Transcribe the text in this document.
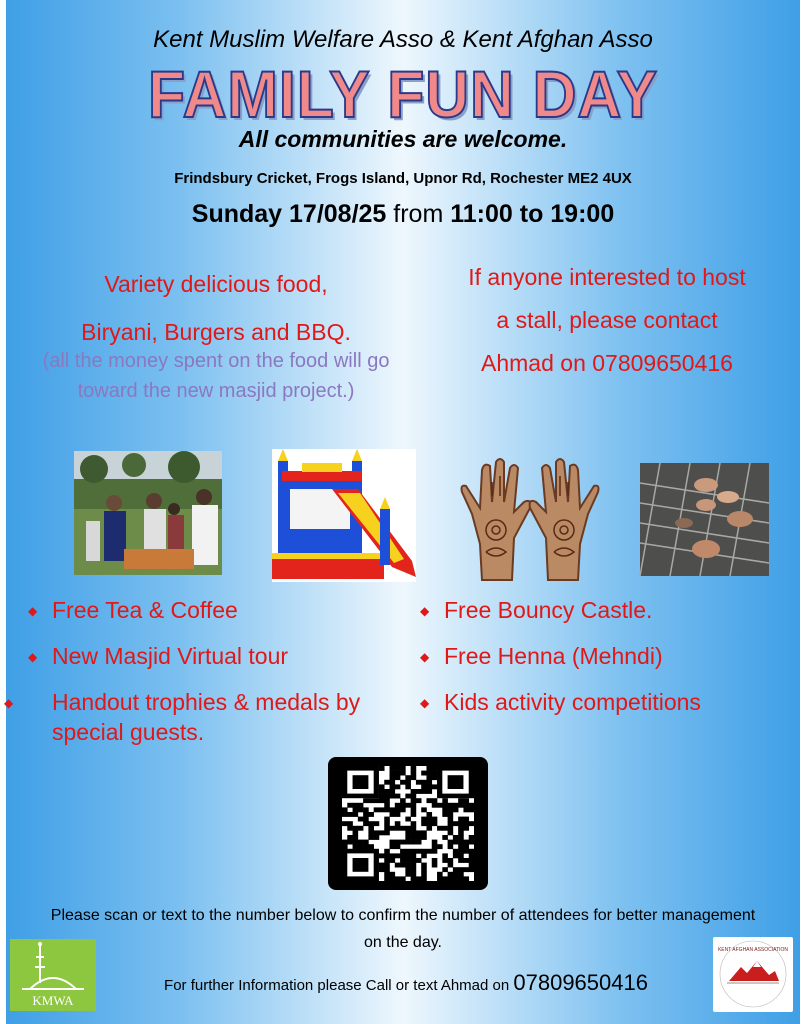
Kent Muslim Welfare Asso & Kent Afghan Asso
FAMILY FUN DAY
All communities are welcome.
Frindsbury Cricket, Frogs Island, Upnor Rd, Rochester ME2 4UX
Sunday 17/08/25 from 11:00 to 19:00
Variety delicious food,
Biryani, Burgers and BBQ.
(all the money spent on the food will go toward the new masjid project.)
If anyone interested to host
a stall, please contact
Ahmad on 07809650416
◆ Free Tea & Coffee
◆ New Masjid Virtual tour
◆ Handout trophies & medals by special guests.
◆ Free Bouncy Castle.
◆ Free Henna (Mehndi)
◆ Kids activity competitions
Please scan or text to the number below to confirm the number of attendees for better management on the day.
For further Information please Call or text Ahmad on 07809650416
KMWA
KENT AFGHAN ASSOCIATION
